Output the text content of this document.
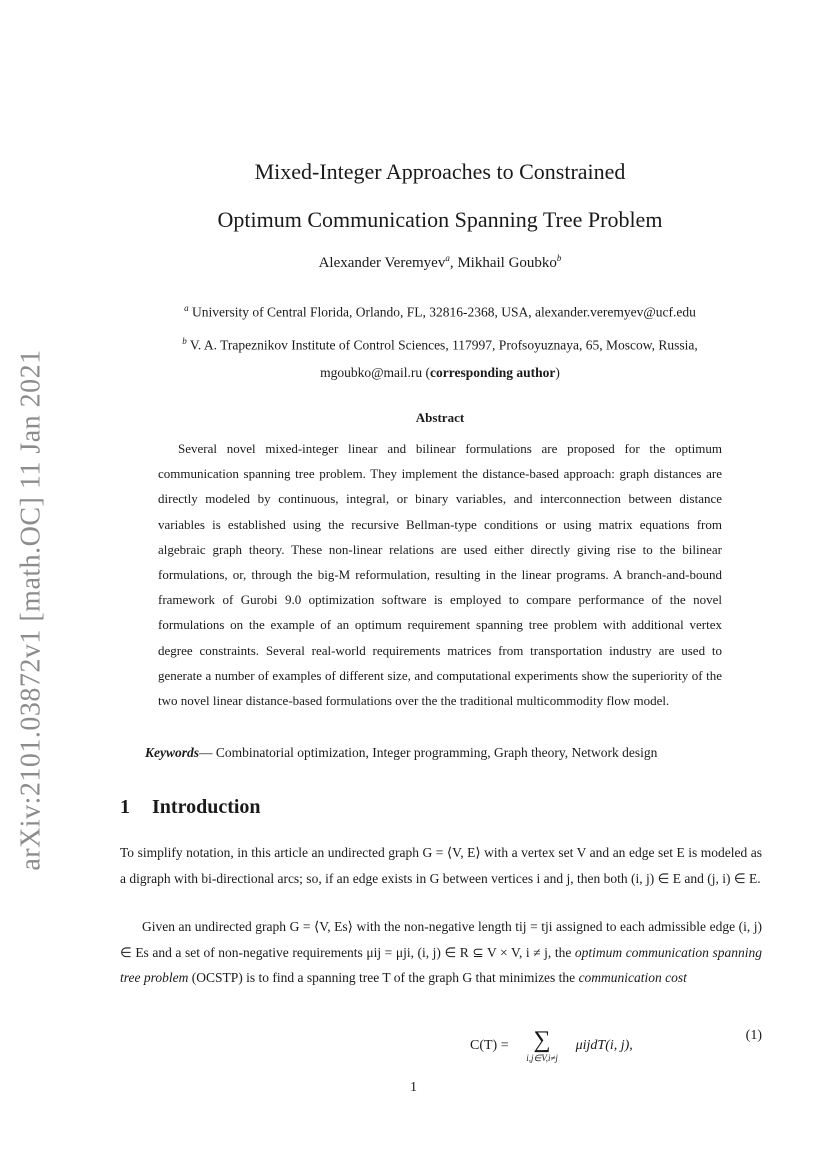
arXiv:2101.03872v1 [math.OC] 11 Jan 2021
Mixed-Integer Approaches to Constrained
Optimum Communication Spanning Tree Problem
Alexander Veremyev$^a$, Mikhail Goubko$^b$
$^a$ University of Central Florida, Orlando, FL, 32816-2368, USA, alexander.veremyev@ucf.edu
$^b$ V. A. Trapeznikov Institute of Control Sciences, 117997, Profsoyuznaya, 65, Moscow, Russia,
mgoubko@mail.ru (corresponding author)
Abstract
Several novel mixed-integer linear and bilinear formulations are proposed for the optimum communication spanning tree problem. They implement the distance-based approach: graph distances are directly modeled by continuous, integral, or binary variables, and interconnection between distance variables is established using the recursive Bellman-type conditions or using matrix equations from algebraic graph theory. These non-linear relations are used either directly giving rise to the bilinear formulations, or, through the big-M reformulation, resulting in the linear programs. A branch-and-bound framework of Gurobi 9.0 optimization software is employed to compare performance of the novel formulations on the example of an optimum requirement spanning tree problem with additional vertex degree constraints. Several real-world requirements matrices from transportation industry are used to generate a number of examples of different size, and computational experiments show the superiority of the two novel linear distance-based formulations over the the traditional multicommodity flow model.
Keywords— Combinatorial optimization, Integer programming, Graph theory, Network design
1 Introduction
To simplify notation, in this article an undirected graph G = ⟨V, E⟩ with a vertex set V and an edge set E is modeled as a digraph with bi-directional arcs; so, if an edge exists in G between vertices i and j, then both (i, j) ∈ E and (j, i) ∈ E.
Given an undirected graph G = ⟨V, Es⟩ with the non-negative length tij = tji assigned to each admissible edge (i, j) ∈ Es and a set of non-negative requirements μij = μji, (i, j) ∈ R ⊆ V × V, i ≠ j, the optimum communication spanning tree problem (OCSTP) is to find a spanning tree T of the graph G that minimizes the communication cost
C(T) =	∑
i,j∈V,i≠j
μijdT(i, j),
(1)
1
